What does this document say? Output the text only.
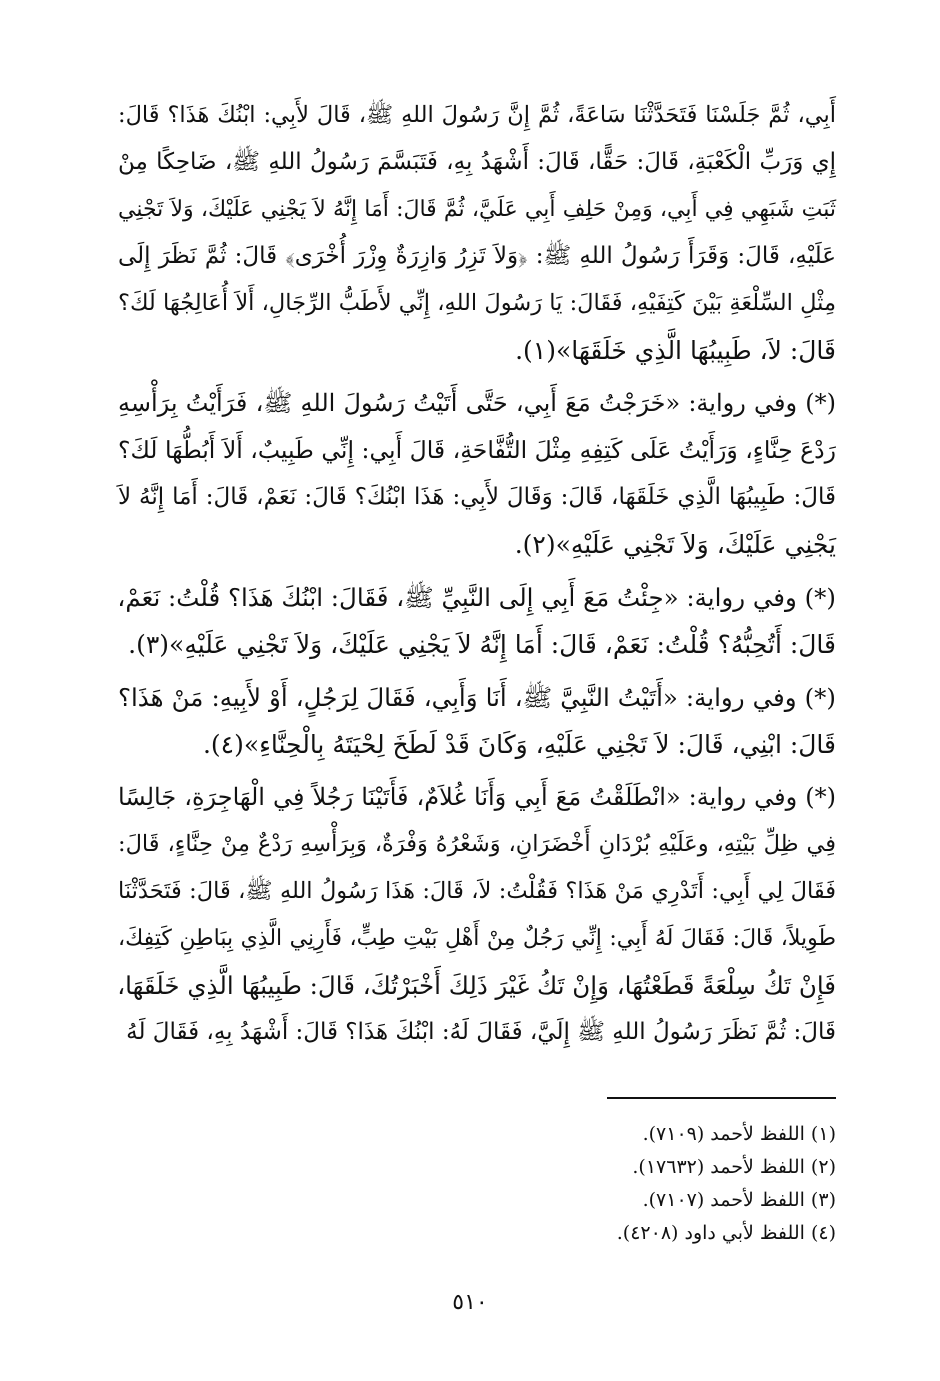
أَبِي، ثُمَّ جَلَسْنَا فَتَحَدَّثْنَا سَاعَةً، ثُمَّ إِنَّ رَسُولَ اللهِ ﷺ، قَالَ لأَبِي: ابْنُكَ هَذَا؟ قَالَ:
إِي وَرَبِّ الْكَعْبَةِ، قَالَ: حَقًّا، قَالَ: أَشْهَدُ بِهِ، فَتَبَسَّمَ رَسُولُ اللهِ ﷺ، ضَاحِكًا مِنْ
ثَبَتِ شَبَهِي فِي أَبِي، وَمِنْ حَلِفِ أَبِي عَلَيَّ، ثُمَّ قَالَ: أَمَا إِنَّهُ لاَ يَجْنِي عَلَيْكَ، وَلاَ تَجْنِي
عَلَيْهِ، قَالَ: وَقَرَأَ رَسُولُ اللهِ ﷺ: ﴿وَلاَ تَزِرُ وَازِرَةٌ وِزْرَ أُخْرَى﴾ قَالَ: ثُمَّ نَظَرَ إِلَى
مِثْلِ السِّلْعَةِ بَيْنَ كَتِفَيْهِ، فَقَالَ: يَا رَسُولَ اللهِ، إِنِّي لأَطَبُّ الرِّجَالِ، أَلاَ أُعَالِجُهَا لَكَ؟
قَالَ: لاَ، طَبِيبُهَا الَّذِي خَلَقَهَا»(١).
(*) وفي رواية: «خَرَجْتُ مَعَ أَبِي، حَتَّى أَتَيْتُ رَسُولَ اللهِ ﷺ، فَرَأَيْتُ بِرَأْسِهِ
رَدْعَ حِنَّاءٍ، وَرَأَيْتُ عَلَى كَتِفِهِ مِثْلَ التُّفَّاحَةِ، قَالَ أَبِي: إِنِّي طَبِيبٌ، أَلاَ أَبُطُّهَا لَكَ؟
قَالَ: طَبِيبُهَا الَّذِي خَلَقَهَا، قَالَ: وَقَالَ لأَبِي: هَذَا ابْنُكَ؟ قَالَ: نَعَمْ، قَالَ: أَمَا إِنَّهُ لاَ
يَجْنِي عَلَيْكَ، وَلاَ تَجْنِي عَلَيْهِ»(٢).
(*) وفي رواية: «جِئْتُ مَعَ أَبِي إِلَى النَّبِيِّ ﷺ، فَقَالَ: ابْنُكَ هَذَا؟ قُلْتُ: نَعَمْ،
قَالَ: أَتُحِبُّهُ؟ قُلْتُ: نَعَمْ، قَالَ: أَمَا إِنَّهُ لاَ يَجْنِي عَلَيْكَ، وَلاَ تَجْنِي عَلَيْهِ»(٣).
(*) وفي رواية: «أَتَيْتُ النَّبِيَّ ﷺ، أَنَا وَأَبِي، فَقَالَ لِرَجُلٍ، أَوْ لأَبِيهِ: مَنْ هَذَا؟
قَالَ: ابْنِي، قَالَ: لاَ تَجْنِي عَلَيْهِ، وَكَانَ قَدْ لَطَخَ لِحْيَتَهُ بِالْحِنَّاءِ»(٤).
(*) وفي رواية: «انْطَلَقْتُ مَعَ أَبِي وَأَنَا غُلاَمٌ، فَأَتَيْنَا رَجُلاً فِي الْهَاجِرَةِ، جَالِسًا
فِي ظِلِّ بَيْتِهِ، وعَلَيْهِ بُرْدَانِ أَخْضَرَانِ، وَشَعْرُهُ وَفْرَةٌ، وَبِرَأْسِهِ رَدْعٌ مِنْ حِنَّاءٍ، قَالَ:
فَقَالَ لِي أَبِي: أَتَدْرِي مَنْ هَذَا؟ فَقُلْتُ: لاَ، قَالَ: هَذَا رَسُولُ اللهِ ﷺ، قَالَ: فَتَحَدَّثْنَا
طَوِيلاً، قَالَ: فَقَالَ لَهُ أَبِي: إِنِّي رَجُلٌ مِنْ أَهْلِ بَيْتِ طِبٍّ، فَأَرِنِي الَّذِي بِبَاطِنِ كَتِفِكَ،
فَإِنْ تَكُ سِلْعَةً قَطَعْتُهَا، وَإِنْ تَكُ غَيْرَ ذَلِكَ أَخْبَرْتُكَ، قَالَ: طَبِيبُهَا الَّذِي خَلَقَهَا،
قَالَ: ثُمَّ نَظَرَ رَسُولُ اللهِ ﷺ إِلَيَّ، فَقَالَ لَهُ: ابْنُكَ هَذَا؟ قَالَ: أَشْهَدُ بِهِ، فَقَالَ لَهُ
(١) اللفظ لأحمد (٧١٠٩).
(٢) اللفظ لأحمد (١٧٦٣٢).
(٣) اللفظ لأحمد (٧١٠٧).
(٤) اللفظ لأبي داود (٤٢٠٨).
٥١٠
